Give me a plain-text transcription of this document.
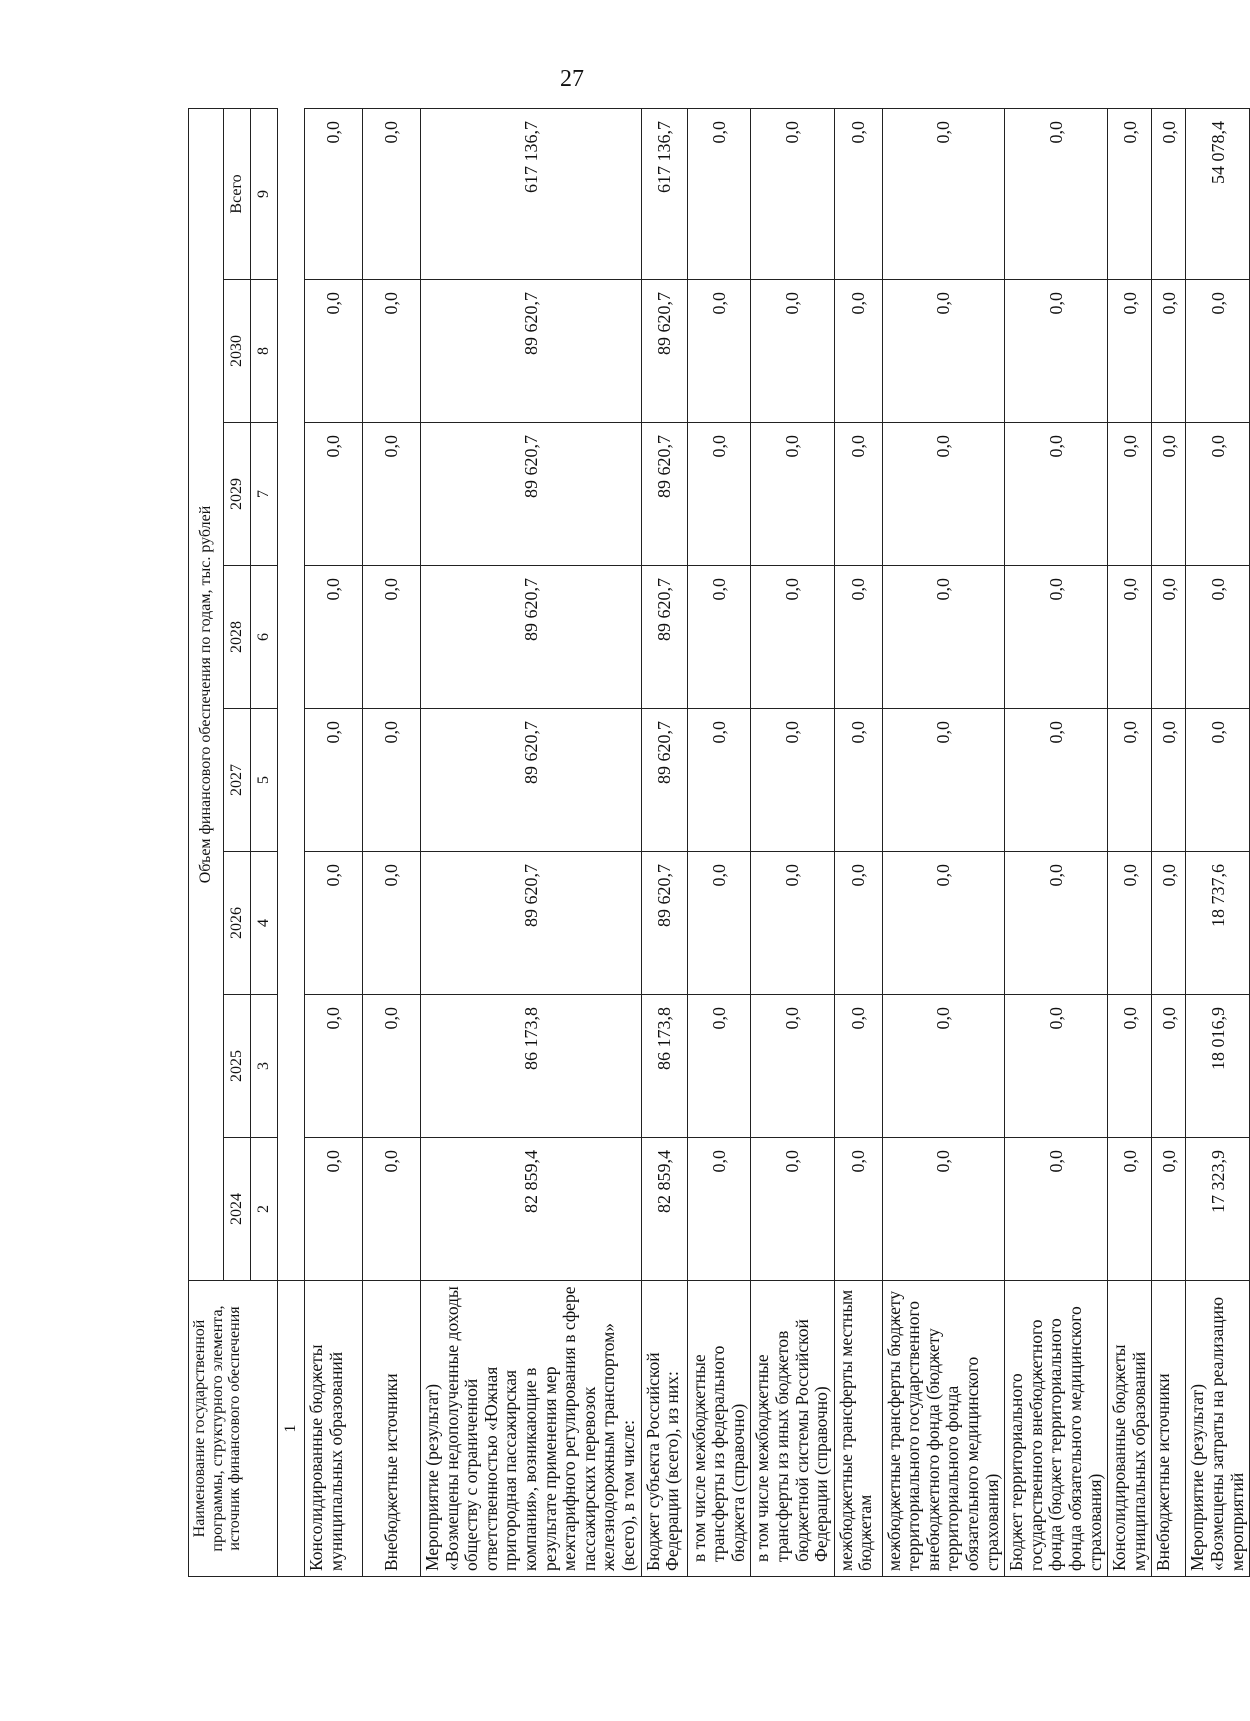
27
Наименование государственной программы, структурного элемента, источник финансового обеспечения	Объем финансового обеспечения по годам, тыс. рублей							
	2024	2025	2026	2027	2028	2029	2030	Всего
	2	3	4	5	6	7	8	9
1								
Консолидированные бюджеты муниципальных образований	0,0	0,0	0,0	0,0	0,0	0,0	0,0	0,0
Внебюджетные источники	0,0	0,0	0,0	0,0	0,0	0,0	0,0	0,0
Мероприятие (результат) «Возмещены недополученные доходы обществу с ограниченной ответственностью «Южная пригородная пассажирская компания», возникающие в результате применения мер межтарифного регулирования в сфере пассажирских перевозок железнодорожным транспортом» (всего), в том числе:	82 859,4	86 173,8	89 620,7	89 620,7	89 620,7	89 620,7	89 620,7	617 136,7
Бюджет субъекта Российской Федерации (всего), из них:	82 859,4	86 173,8	89 620,7	89 620,7	89 620,7	89 620,7	89 620,7	617 136,7
в том числе межбюджетные трансферты из федерального бюджета (справочно)	0,0	0,0	0,0	0,0	0,0	0,0	0,0	0,0
в том числе межбюджетные трансферты из иных бюджетов бюджетной системы Российской Федерации (справочно)	0,0	0,0	0,0	0,0	0,0	0,0	0,0	0,0
межбюджетные трансферты местным бюджетам	0,0	0,0	0,0	0,0	0,0	0,0	0,0	0,0
межбюджетные трансферты бюджету территориального государственного внебюджетного фонда (бюджету территориального фонда обязательного медицинского страхования)	0,0	0,0	0,0	0,0	0,0	0,0	0,0	0,0
Бюджет территориального государственного внебюджетного фонда (бюджет территориального фонда обязательного медицинского страхования)	0,0	0,0	0,0	0,0	0,0	0,0	0,0	0,0
Консолидированные бюджеты муниципальных образований	0,0	0,0	0,0	0,0	0,0	0,0	0,0	0,0
Внебюджетные источники	0,0	0,0	0,0	0,0	0,0	0,0	0,0	0,0
Мероприятие (результат) «Возмещены затраты на реализацию мероприятий	17 323,9	18 016,9	18 737,6	0,0	0,0	0,0	0,0	54 078,4
